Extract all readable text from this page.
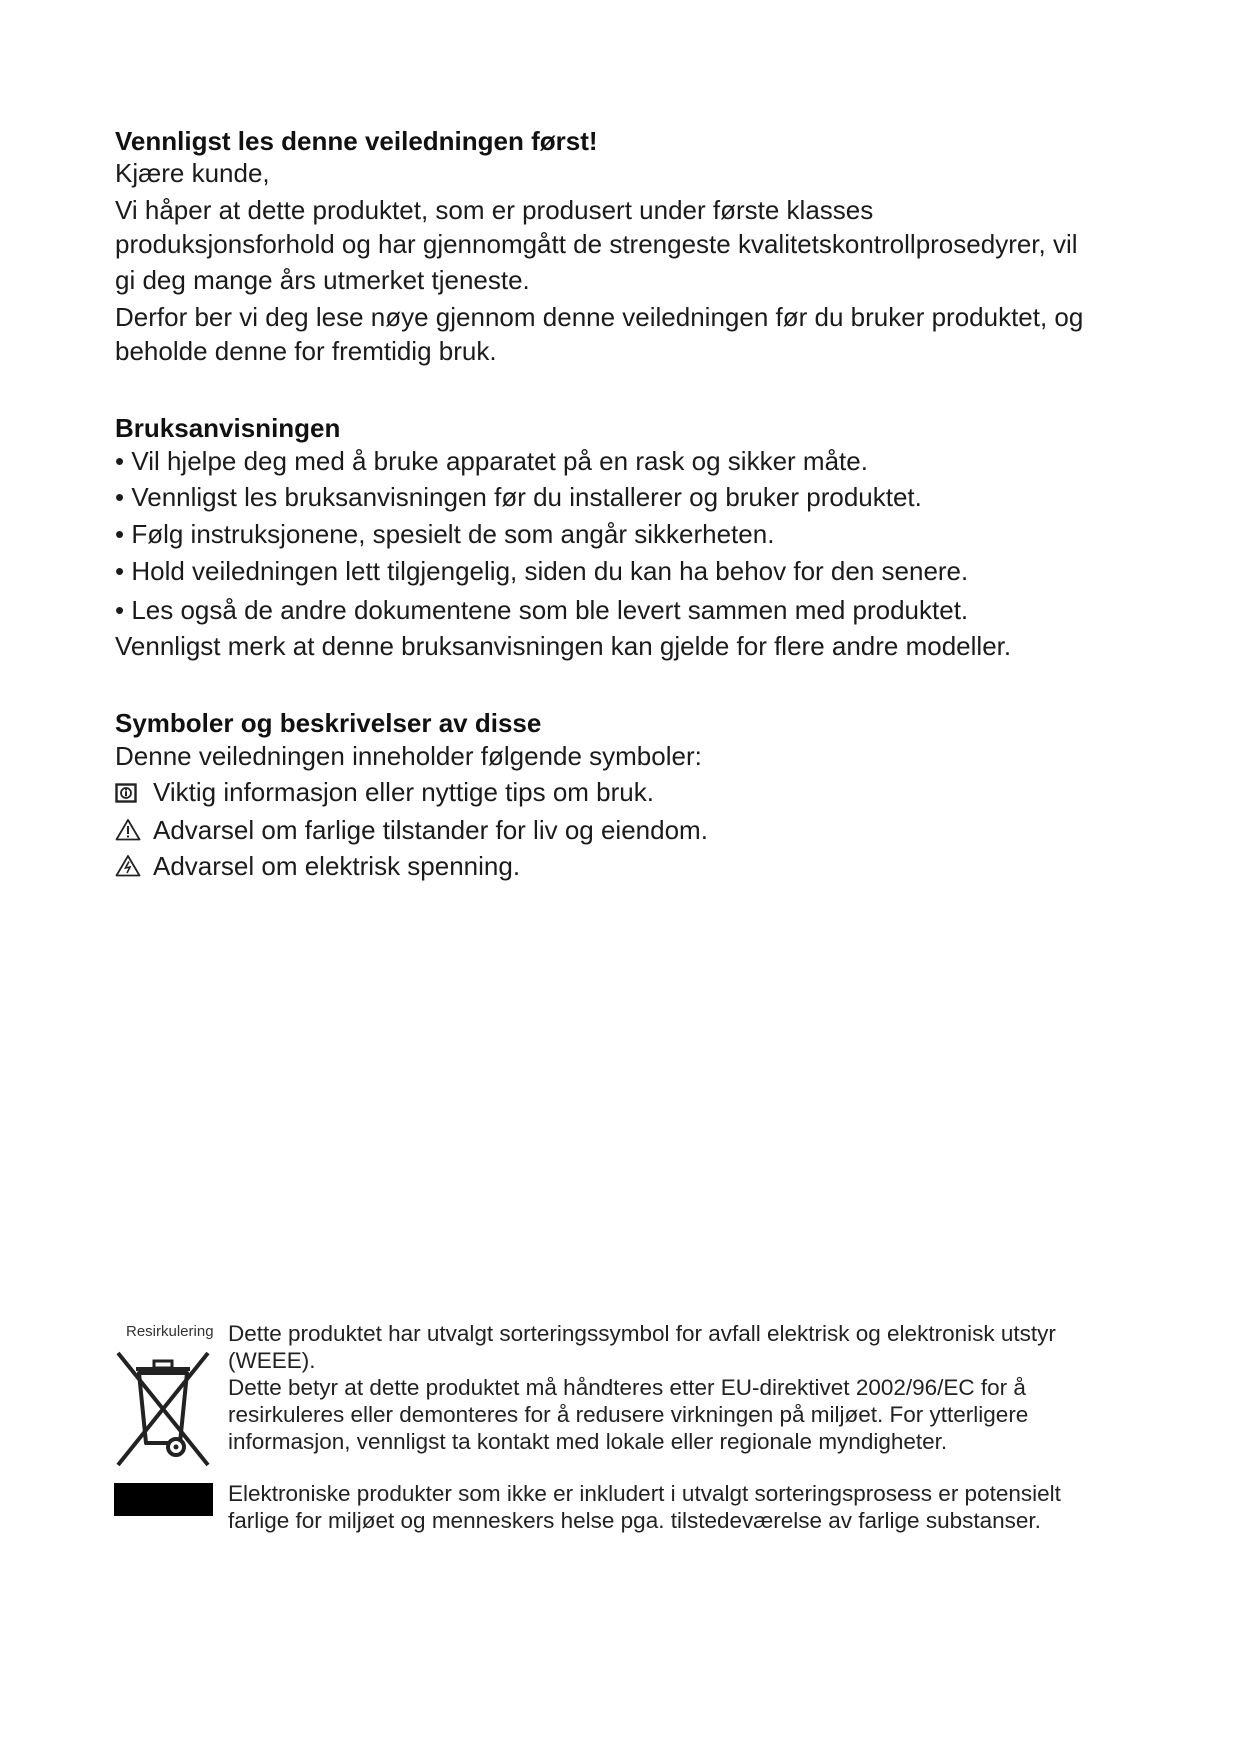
Vennligst les denne veiledningen først!

Kjære kunde,

Vi håper at dette produktet, som er produsert under første klasses

produksjonsforhold og har gjennomgått de strengeste kvalitetskontrollprosedyrer, vil

gi deg mange års utmerket tjeneste.

Derfor ber vi deg lese nøye gjennom denne veiledningen før du bruker produktet, og

beholde denne for fremtidig bruk.

Bruksanvisningen

• Vil hjelpe deg med å bruke apparatet på en rask og sikker måte.

• Vennligst les bruksanvisningen før du installerer og bruker produktet.

• Følg instruksjonene, spesielt de som angår sikkerheten.

• Hold veiledningen lett tilgjengelig, siden du kan ha behov for den senere.

• Les også de andre dokumentene som ble levert sammen med produktet.

Vennligst merk at denne bruksanvisningen kan gjelde for flere andre modeller.

Symboler og beskrivelser av disse

Denne veiledningen inneholder følgende symboler:

Viktig informasjon eller nyttige tips om bruk.

Advarsel om farlige tilstander for liv og eiendom.

Advarsel om elektrisk spenning.

Resirkulering Dette produktet har utvalgt sorteringssymbol for avfall elektrisk og elektronisk utstyr

(WEEE).

Dette betyr at dette produktet må håndteres etter EU-direktivet 2002/96/EC for å

resirkuleres eller demonteres for å redusere virkningen på miljøet. For ytterligere

informasjon, vennligst ta kontakt med lokale eller regionale myndigheter.

Elektroniske produkter som ikke er inkludert i utvalgt sorteringsprosess er potensielt

farlige for miljøet og menneskers helse pga. tilstedeværelse av farlige substanser.
